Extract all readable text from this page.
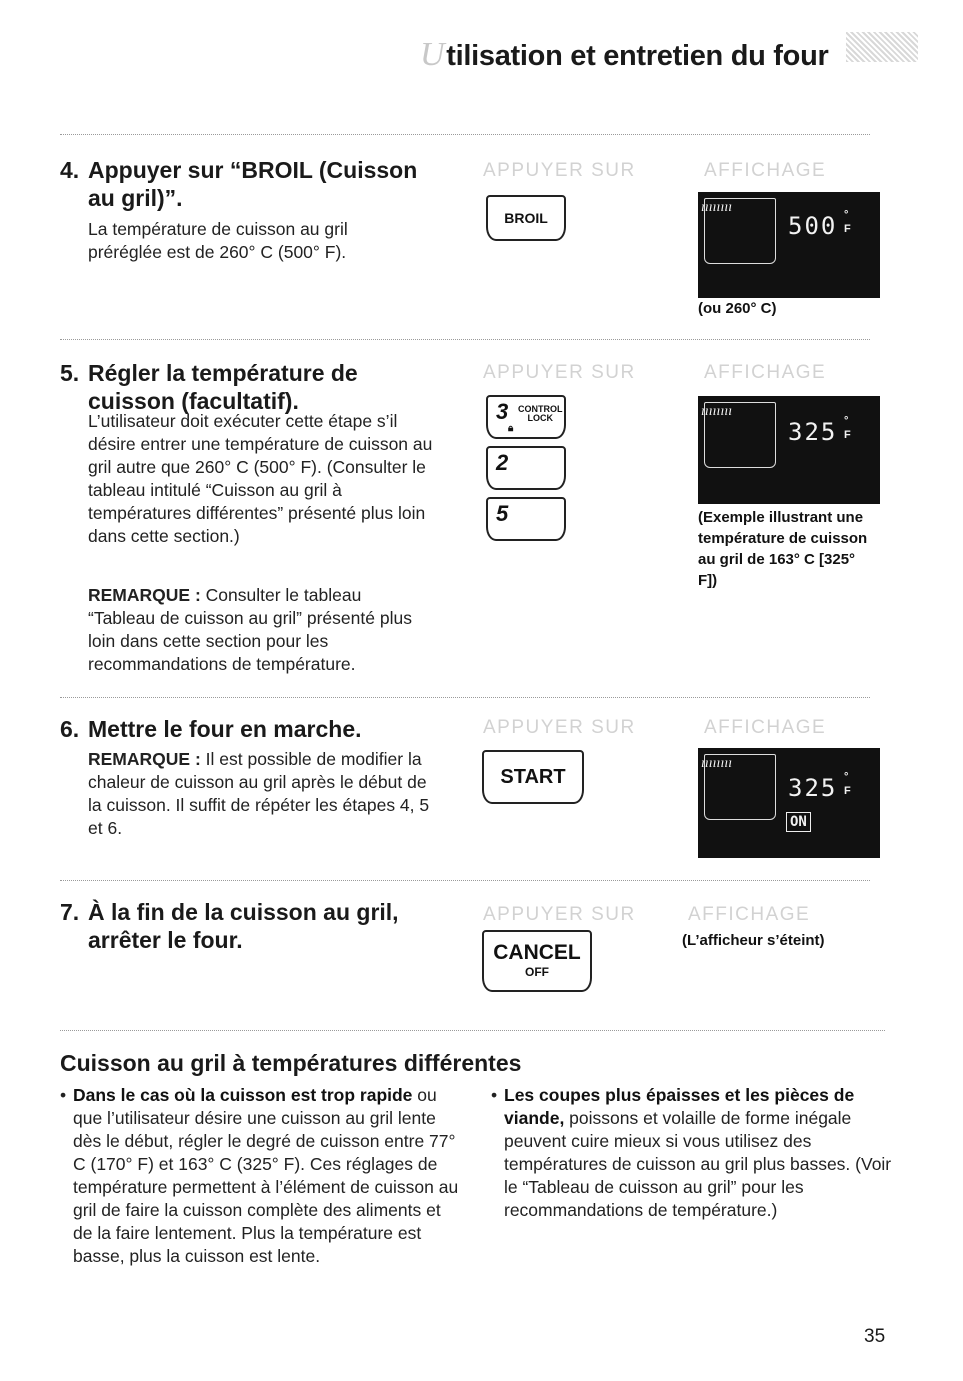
Utilisation et entretien du four
4. Appuyer sur “BROIL (Cuisson
au gril)”.
La température de cuisson au gril préréglée est de 260° C (500° F).
APPUYER SUR	AFFICHAGE
BROIL
ıııııııı
500 °
F
(ou 260° C)
5. Régler la température de
cuisson (facultatif).
L’utilisateur doit exécuter cette étape s’il désire entrer une température de cuisson au gril autre que 260° C (500° F). (Consulter le tableau intitulé “Cuisson au gril à températures différentes” présenté plus loin dans cette section.)
REMARQUE : Consulter le tableau “Tableau de cuisson au gril” présenté plus loin dans cette section pour les recommandations de température.
APPUYER SUR	AFFICHAGE
3 CONTROL
LOCK
🔒︎
2
5
ıııııııı
325 °
F
(Exemple illustrant une température de cuisson au gril de 163° C [325° F])
6. Mettre le four en marche.
REMARQUE : Il est possible de modifier la chaleur de cuisson au gril après le début de la cuisson. Il suffit de répéter les étapes 4, 5 et 6.
APPUYER SUR	AFFICHAGE
START
ıııııııı
325 °
F
ON
7. À la fin de la cuisson au gril,
arrêter le four.
APPUYER SUR	AFFICHAGE
CANCEL
OFF
(L’afficheur s’éteint)
Cuisson au gril à températures différentes
• Dans le cas où la cuisson est trop rapide ou que l’utilisateur désire une cuisson au gril lente dès le début, régler le degré de cuisson entre 77° C (170° F) et 163° C (325° F). Ces réglages de température permettent à l’élément de cuisson au gril de faire la cuisson complète des aliments et de la faire lentement. Plus la température est basse, plus la cuisson est lente.
• Les coupes plus épaisses et les pièces de viande, poissons et volaille de forme inégale peuvent cuire mieux si vous utilisez des températures de cuisson au gril plus basses. (Voir le “Tableau de cuisson au gril” pour les recommandations de température.)
35
